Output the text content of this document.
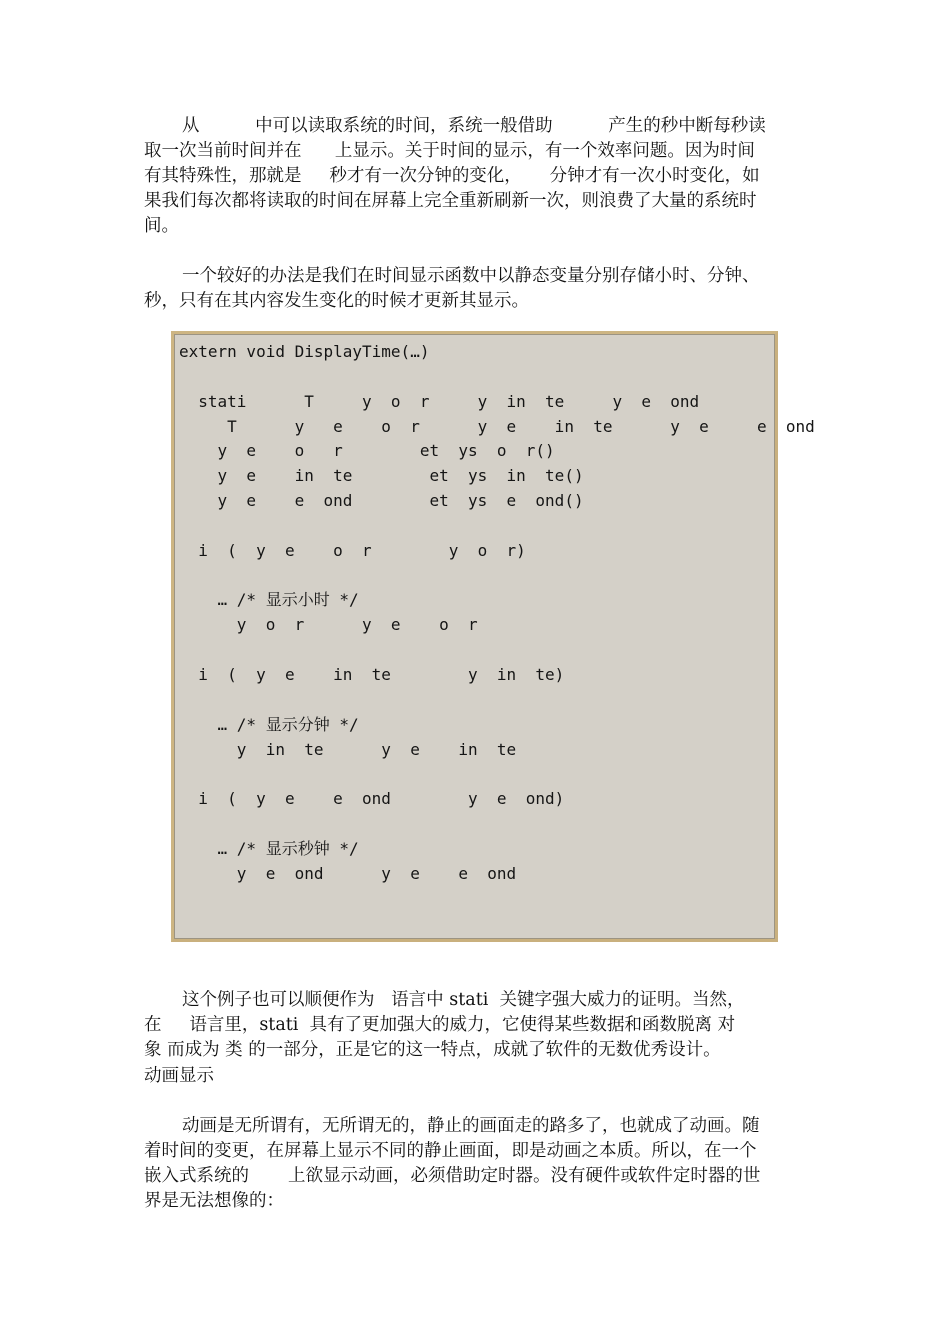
从          中可以读取系统的时间，系统一般借助          产生的秒中断每秒读
取一次当前时间并在      上显示。关于时间的显示，有一个效率问题。因为时间
有其特殊性，那就是     秒才有一次分钟的变化，     分钟才有一次小时变化，如
果我们每次都将读取的时间在屏幕上完全重新刷新一次，则浪费了大量的系统时
间。
一个较好的办法是我们在时间显示函数中以静态变量分别存储小时、分钟、
秒，只有在其内容发生变化的时候才更新其显示。
extern void DisplayTime(…)
stati      T     y  o  r     y  in  te     y  e  ond
T      y   e    o  r      y  e    in  te      y  e     e  ond
y  e    o   r        et  ys  o  r()
y  e    in  te        et  ys  in  te()
y  e    e  ond        et  ys  e  ond()
i  (  y  e    o  r        y  o  r)
… /* 显示小时 */
y  o  r      y  e    o  r
i  (  y  e    in  te        y  in  te)
… /* 显示分钟 */
y  in  te      y  e    in  te
i  (  y  e    e  ond        y  e  ond)
… /* 显示秒钟 */
y  e  ond      y  e    e  ond
这个例子也可以顺便作为   语言中 stati  关键字强大威力的证明。当然，
在     语言里，stati  具有了更加强大的威力，它使得某些数据和函数脱离 对
象 而成为 类 的一部分，正是它的这一特点，成就了软件的无数优秀设计。
动画显示
动画是无所谓有，无所谓无的，静止的画面走的路多了，也就成了动画。随
着时间的变更，在屏幕上显示不同的静止画面，即是动画之本质。所以，在一个
嵌入式系统的       上欲显示动画，必须借助定时器。没有硬件或软件定时器的世
界是无法想像的：
